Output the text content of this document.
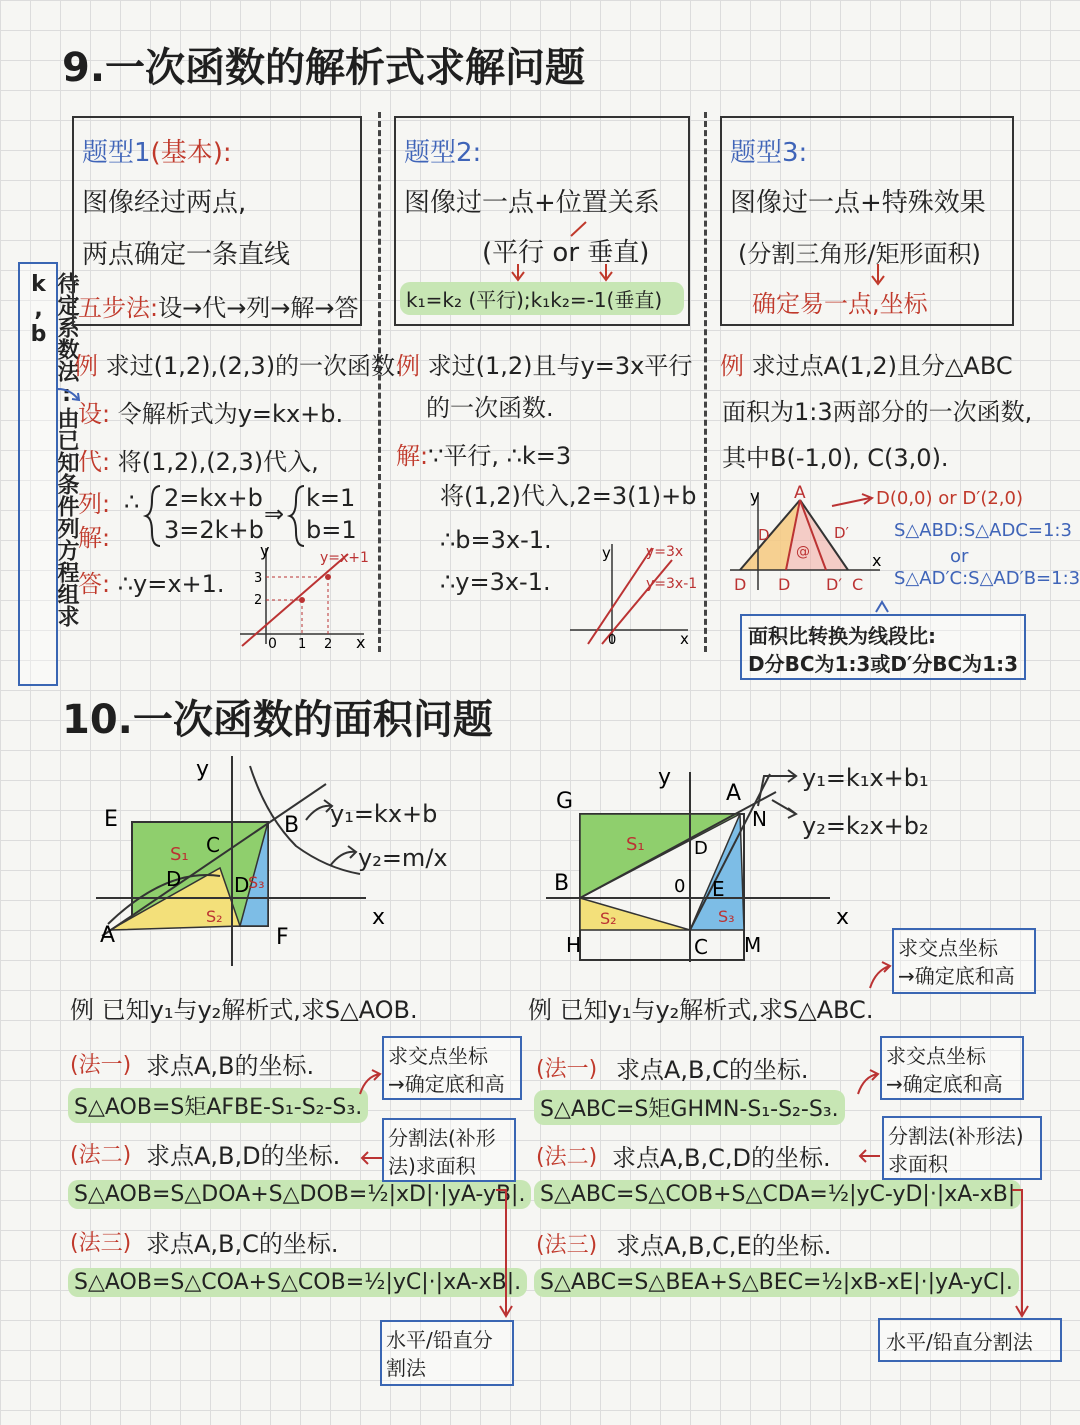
9.一次函数的解析式求解问题
待定系数法:由已知条件列方程组求k,b
题型1(基本):
图像经过两点,
两点确定一条直线
五步法:设→代→列→解→答
题型2:
图像过一点+位置关系
(平行 or 垂直)
k₁=k₂ (平行);k₁k₂=-1(垂直)
题型3:
图像过一点+特殊效果
(分割三角形/矩形面积)
确定易一点,坐标
例 求过(1,2),(2,3)的一次函数.
设: 令解析式为y=kx+b.
代: 将(1,2),(2,3)代入,
列:
解:
∴ 2=kx+b
3=2k+b
⇒
k=1
b=1
答: ∴y=x+1.
y
x
0
y=x+1
3
2
1 2
例 求过(1,2)且与y=3x平行
的一次函数.
解:∵平行, ∴k=3
将(1,2)代入,2=3(1)+b
∴b=3x-1.
∴y=3x-1.
y
x
0
y=3x
y=3x-1
例 求过点A(1,2)且分△ABC
面积为1:3两部分的一次函数,
其中B(-1,0), C(3,0).
y
x
A
D	D′
@
D D D′ C
D(0,0) or D′(2,0)
S△ABD:S△ADC=1:3
or
S△AD′C:S△AD′B=1:3
面积比转换为线段比:
D分BC为1:3或D′分BC为1:3
10.一次函数的面积问题
y
x
E
C
B
D	D
A	F
S₁
S₂
S₃
y₁=kx+b
y₂=m/x
例 已知y₁与y₂解析式,求S△AOB.
(法一) 求点A,B的坐标.
S△AOB=S矩AFBE-S₁-S₂-S₃.
求交点坐标
→确定底和高
(法二) 求点A,B,D的坐标.
S△AOB=S△DOA+S△DOB=½|xD|·|yA-yB|.
分割法(补形
法)求面积
(法三) 求点A,B,C的坐标.
S△AOB=S△COA+S△COB=½|yC|·|xA-xB|.
水平/铅直分
割法
y
x
G	A
N
D
B	0 E
H	C M
S₁
S₂	S₃
y₁=k₁x+b₁
y₂=k₂x+b₂
求交点坐标
→确定底和高
例 已知y₁与y₂解析式,求S△ABC.
(法一) 求点A,B,C的坐标.
S△ABC=S矩GHMN-S₁-S₂-S₃.
求交点坐标
→确定底和高
(法二) 求点A,B,C,D的坐标.
S△ABC=S△COB+S△CDA=½|yC-yD|·|xA-xB|
分割法(补形法)
求面积
(法三) 求点A,B,C,E的坐标.
S△ABC=S△BEA+S△BEC=½|xB-xE|·|yA-yC|.
水平/铅直分割法
